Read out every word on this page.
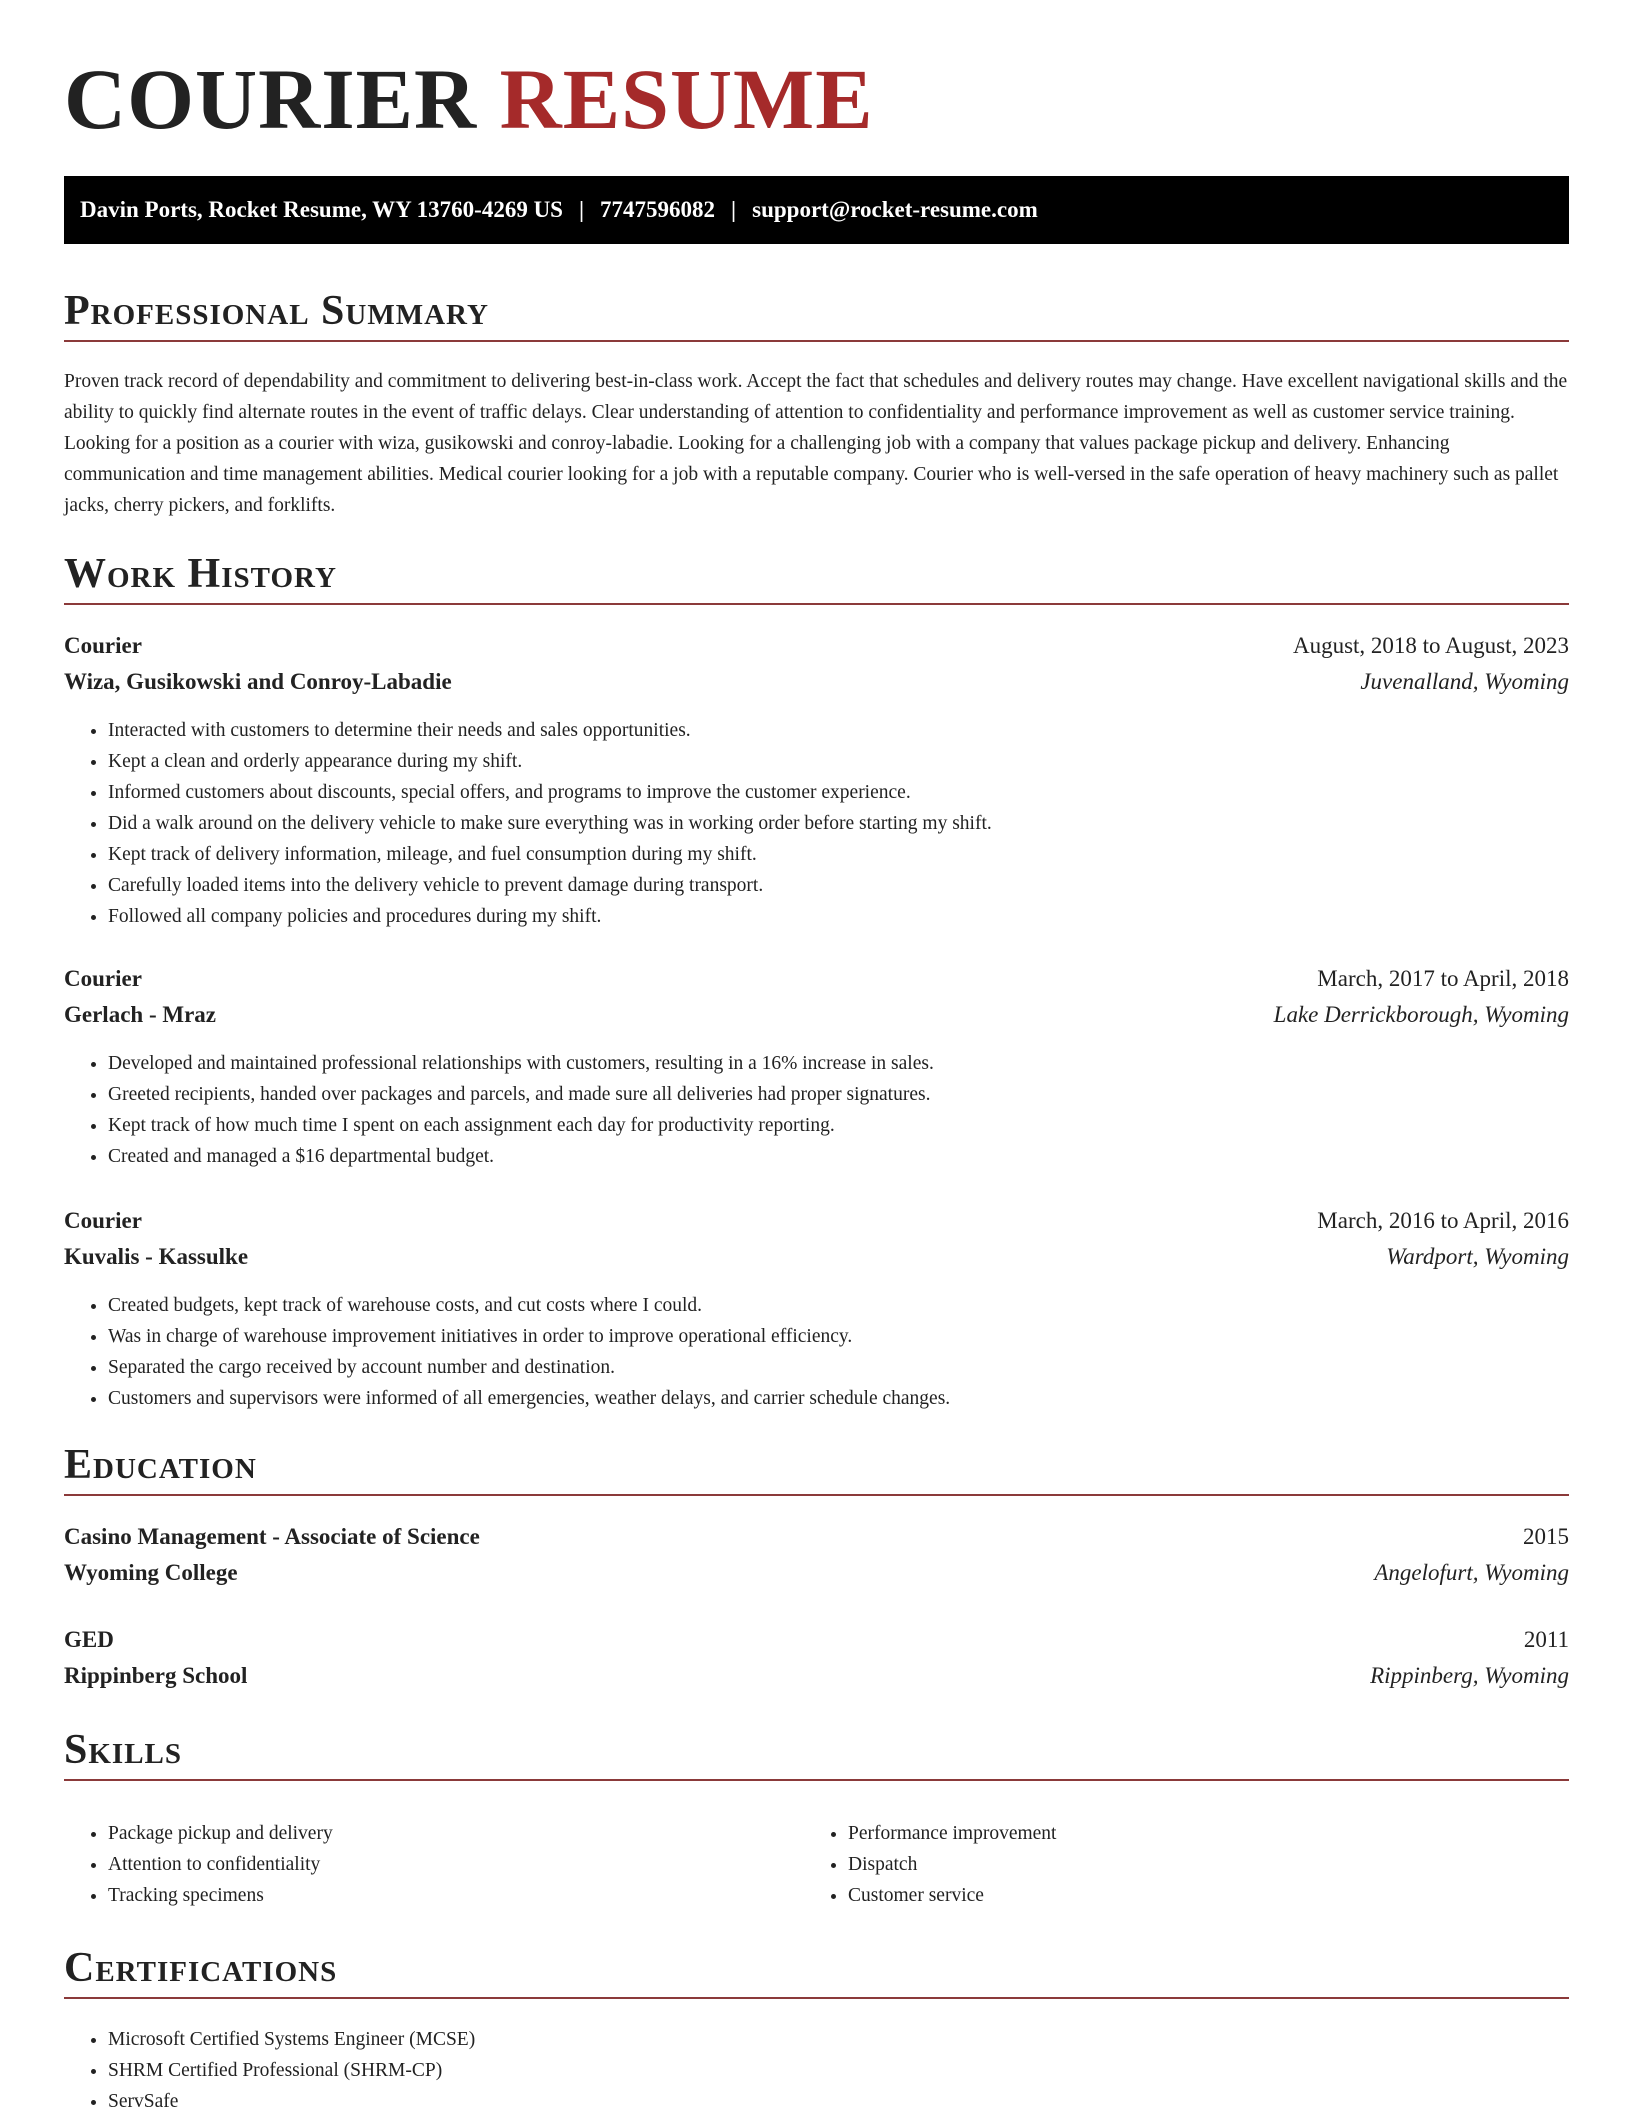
COURIER RESUME
Davin Ports, Rocket Resume, WY 13760-4269 US | 7747596082 | support@rocket-resume.com
Professional Summary

Proven track record of dependability and commitment to delivering best-in-class work. Accept the fact that schedules and delivery routes may change. Have excellent navigational skills and the ability to quickly find alternate routes in the event of traffic delays. Clear understanding of attention to confidentiality and performance improvement as well as customer service training. Looking for a position as a courier with wiza, gusikowski and conroy-labadie. Looking for a challenging job with a company that values package pickup and delivery. Enhancing communication and time management abilities. Medical courier looking for a job with a reputable company. Courier who is well-versed in the safe operation of heavy machinery such as pallet jacks, cherry pickers, and forklifts.

Work History
Courier	August, 2018 to August, 2023
Wiza, Gusikowski and Conroy-Labadie	Juvenalland, Wyoming
• Interacted with customers to determine their needs and sales opportunities.
• Kept a clean and orderly appearance during my shift.
• Informed customers about discounts, special offers, and programs to improve the customer experience.
• Did a walk around on the delivery vehicle to make sure everything was in working order before starting my shift.
• Kept track of delivery information, mileage, and fuel consumption during my shift.
• Carefully loaded items into the delivery vehicle to prevent damage during transport.
• Followed all company policies and procedures during my shift.
Courier	March, 2017 to April, 2018
Gerlach - Mraz	Lake Derrickborough, Wyoming
• Developed and maintained professional relationships with customers, resulting in a 16% increase in sales.
• Greeted recipients, handed over packages and parcels, and made sure all deliveries had proper signatures.
• Kept track of how much time I spent on each assignment each day for productivity reporting.
• Created and managed a $16 departmental budget.
Courier	March, 2016 to April, 2016
Kuvalis - Kassulke	Wardport, Wyoming
• Created budgets, kept track of warehouse costs, and cut costs where I could.
• Was in charge of warehouse improvement initiatives in order to improve operational efficiency.
• Separated the cargo received by account number and destination.
• Customers and supervisors were informed of all emergencies, weather delays, and carrier schedule changes.
Education
Casino Management - Associate of Science	2015
Wyoming College	Angelofurt, Wyoming
GED	2011
Rippinberg School	Rippinberg, Wyoming
Skills
• Package pickup and delivery
• Attention to confidentiality
• Tracking specimens
• Performance improvement
• Dispatch
• Customer service
Certifications
• Microsoft Certified Systems Engineer (MCSE)
• SHRM Certified Professional (SHRM-CP)
• ServSafe
